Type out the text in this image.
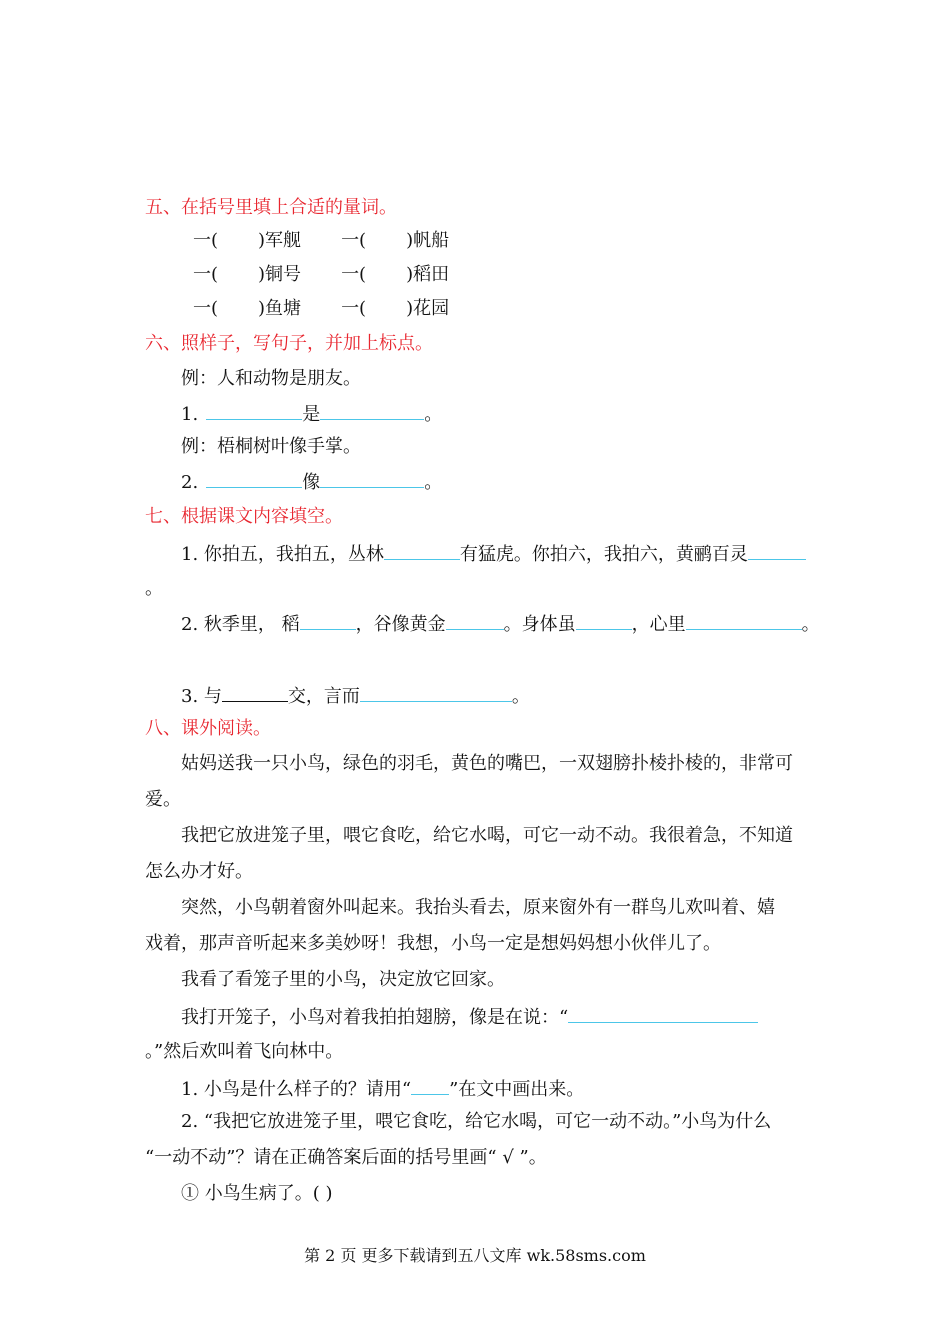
五、在括号里填上合适的量词。
一( )军舰 一( )帆船
一( )铜号 一( )稻田
一( )鱼塘 一( )花园
六、照样子，写句子，并加上标点。
例：人和动物是朋友。
1.	是	。
例：梧桐树叶像手掌。
2.	像	。
七、根据课文内容填空。
1. 你拍五，我拍五，丛林	有猛虎。你拍六，我拍六，黄鹂百灵
。
2. 秋季里， 稻	，谷像黄金	。身体虽	，心里	。
3. 与	交，言而	。
八、课外阅读。
姑妈送我一只小鸟，绿色的羽毛，黄色的嘴巴，一双翅膀扑棱扑棱的，非常可
爱。
我把它放进笼子里，喂它食吃，给它水喝，可它一动不动。我很着急，不知道
怎么办才好。
突然，小鸟朝着窗外叫起来。我抬头看去，原来窗外有一群鸟儿欢叫着、嬉
戏着，那声音听起来多美妙呀！我想，小鸟一定是想妈妈想小伙伴儿了。
我看了看笼子里的小鸟，决定放它回家。
我打开笼子，小鸟对着我拍拍翅膀，像是在说：“
。”然后欢叫着飞向林中。
1. 小鸟是什么样子的？请用“ ”在文中画出来。
2. “我把它放进笼子里，喂它食吃，给它水喝，可它一动不动。”小鸟为什么
“一动不动”？请在正确答案后面的括号里画“ √ ”。
① 小鸟生病了。( )
第 2 页 更多下载请到五八文库 wk.58sms.com
